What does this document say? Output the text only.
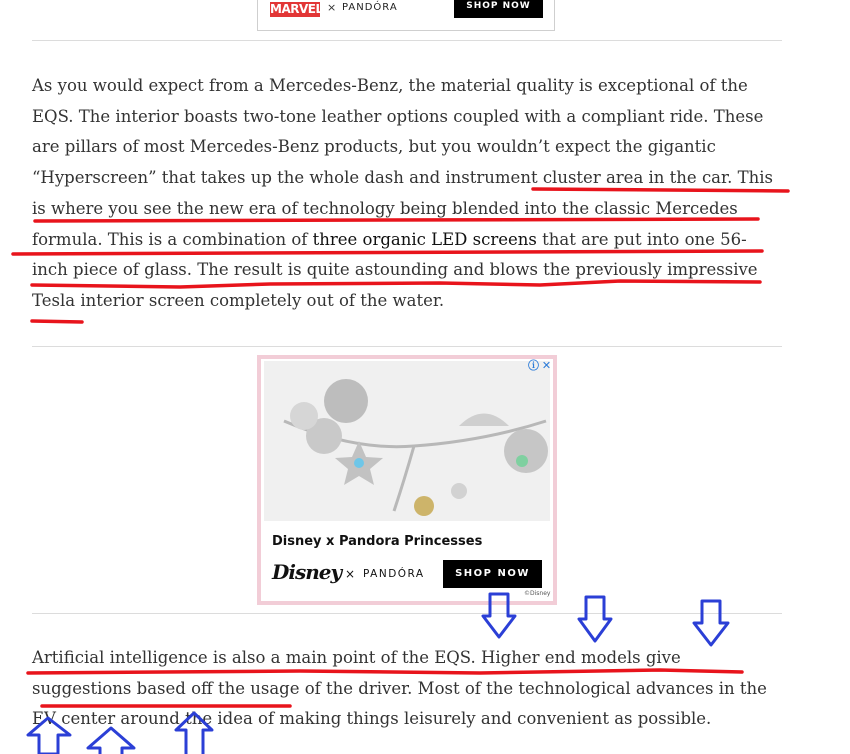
MARVEL × PANDÓRA	SHOP NOW

As you would expect from a Mercedes-Benz, the material quality is exceptional of the EQS. The interior boasts two-tone leather options coupled with a compliant ride. These are pillars of most Mercedes-Benz products, but you wouldn’t expect the gigantic “Hyperscreen” that takes up the whole dash and instrument cluster area in the car. This is where you see the new era of technology being blended into the classic Mercedes formula. This is a combination of three organic LED screens that are put into one 56-inch piece of glass. The result is quite astounding and blows the previously impressive Tesla interior screen completely out of the water.

ⓘ ✕
Disney x Pandora Princesses
Disney × PANDÓRA	SHOP NOW
©Disney

Artificial intelligence is also a main point of the EQS. Higher end models give suggestions based off the usage of the driver. Most of the technological advances in the EV center around the idea of making things leisurely and convenient as possible.
